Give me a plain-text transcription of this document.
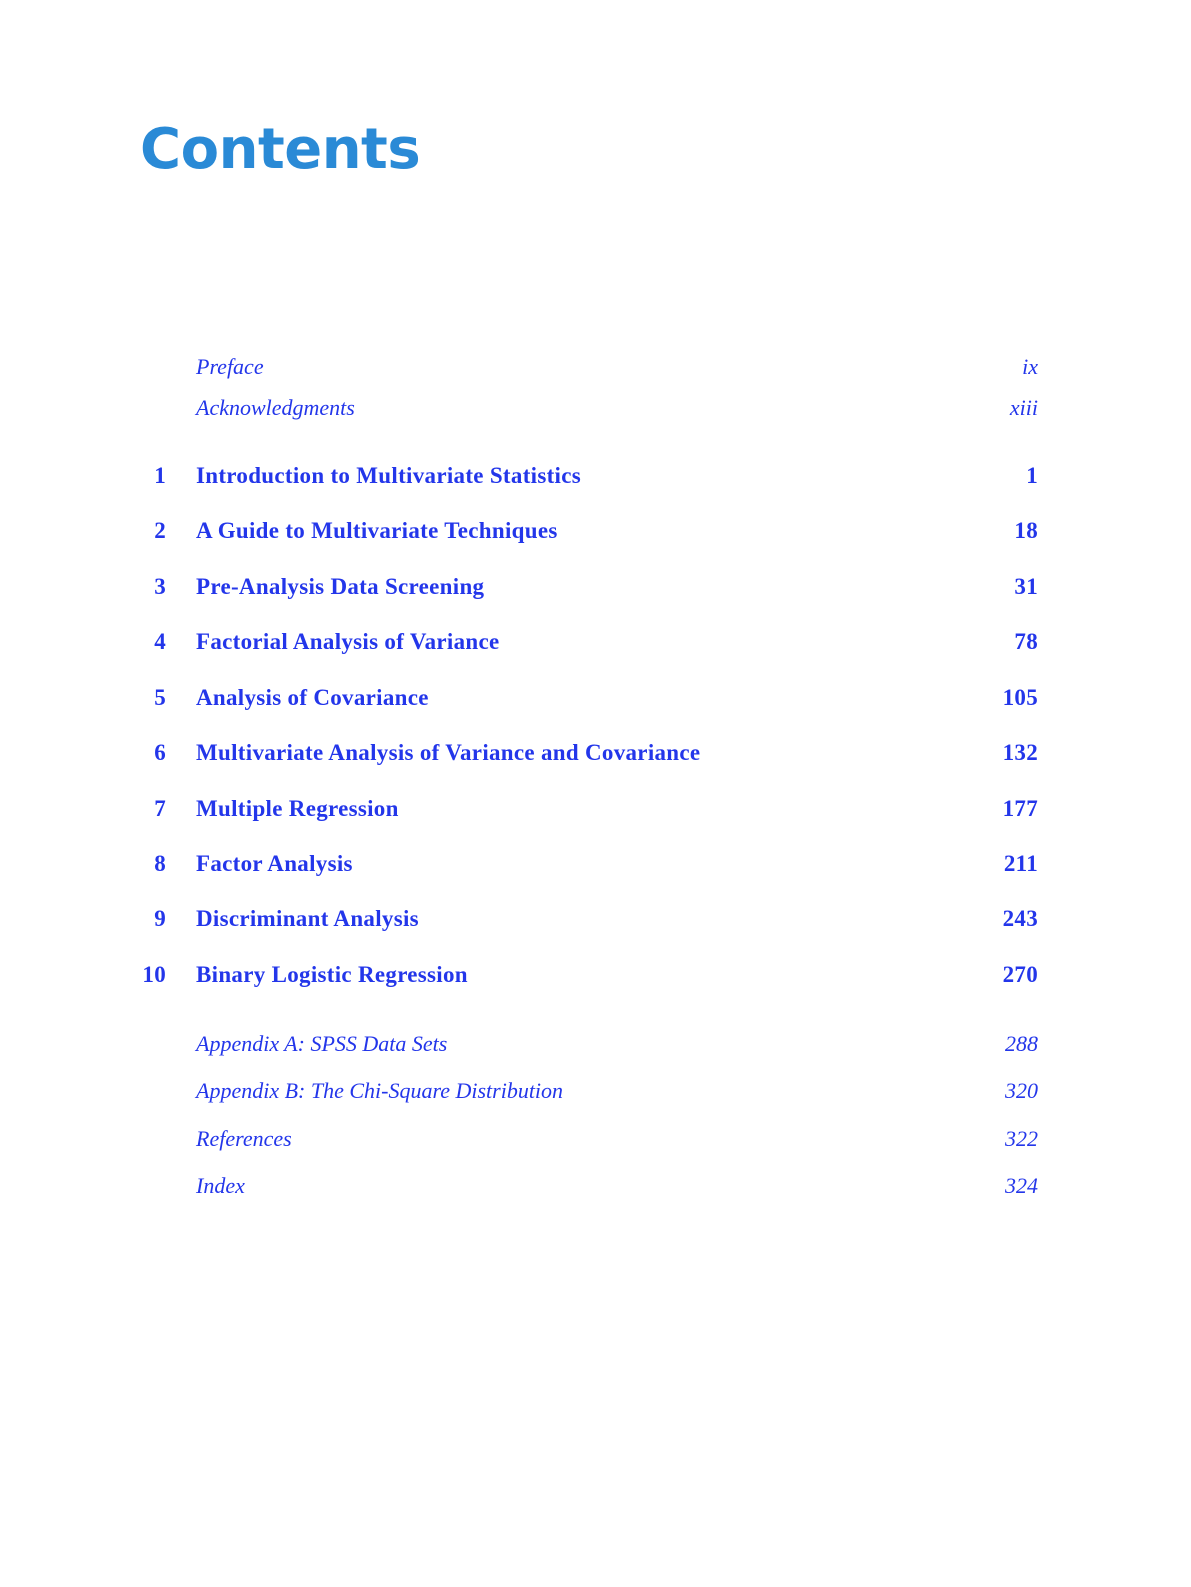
Contents
Preface	ix
Acknowledgments	xiii
1 Introduction to Multivariate Statistics	1
2 A Guide to Multivariate Techniques	18
3 Pre-Analysis Data Screening	31
4 Factorial Analysis of Variance	78
5 Analysis of Covariance	105
6 Multivariate Analysis of Variance and Covariance	132
7 Multiple Regression	177
8 Factor Analysis	211
9 Discriminant Analysis	243
10 Binary Logistic Regression	270
Appendix A: SPSS Data Sets	288
Appendix B: The Chi-Square Distribution	320
References	322
Index	324
